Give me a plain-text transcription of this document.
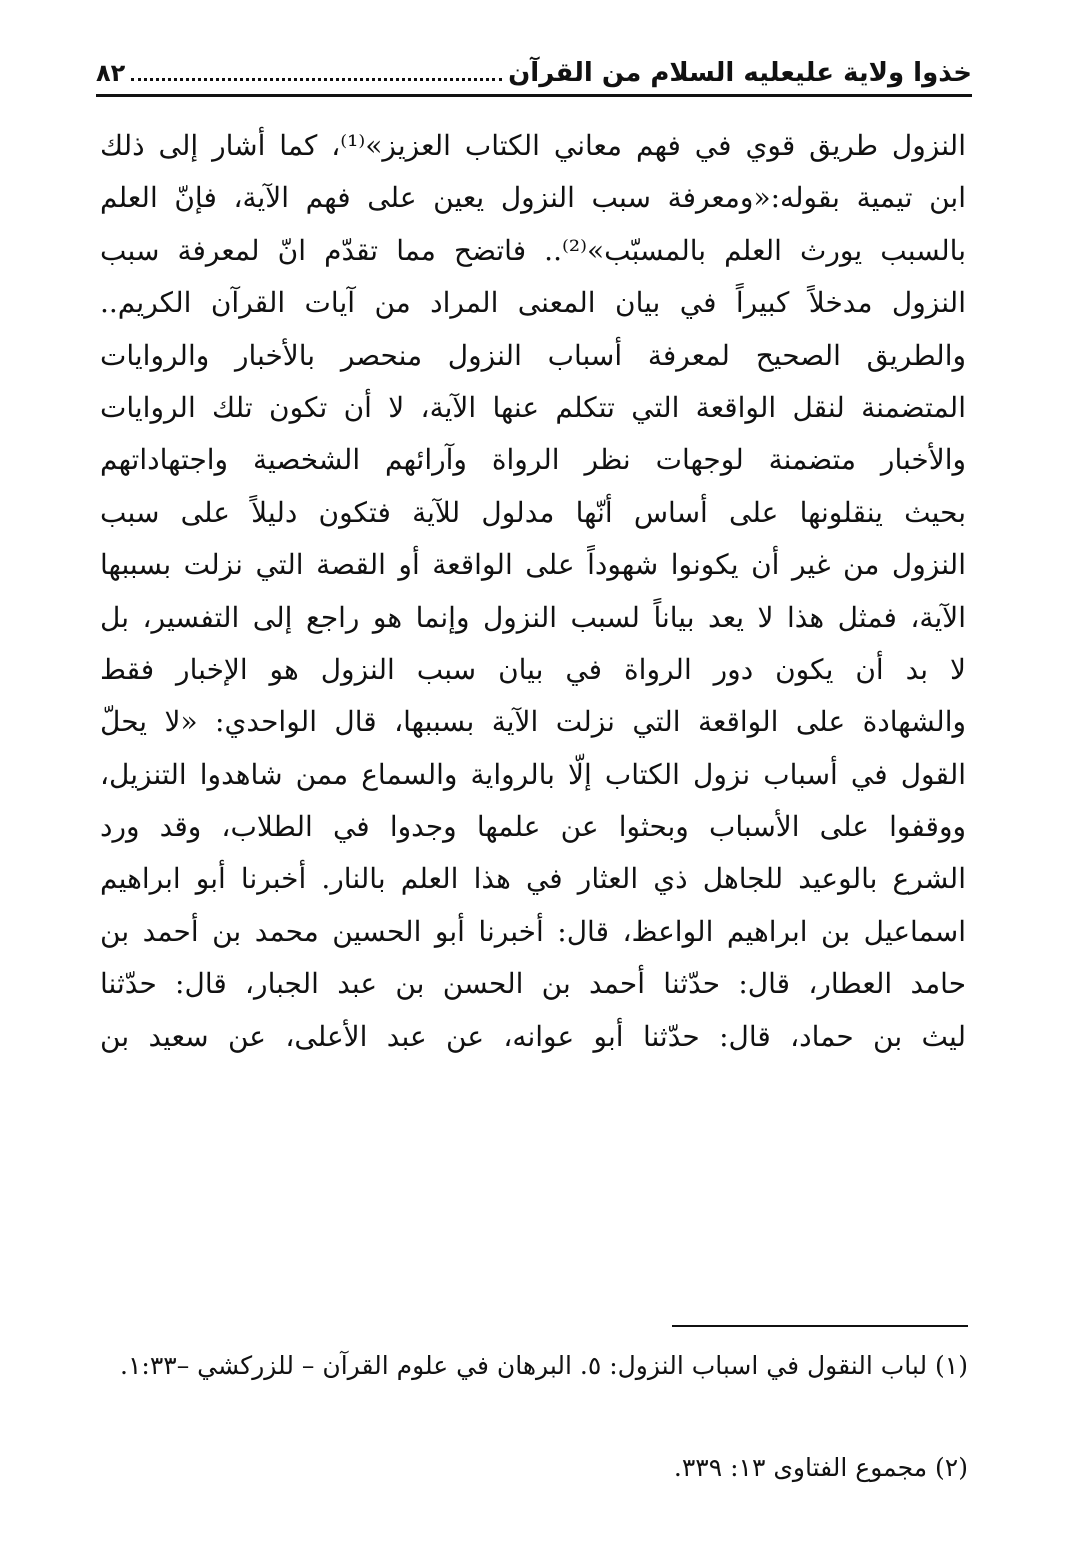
خذوا ولاية عليعليه السلام من القرآن
٨٢
النزول طريق قوي في فهم معاني الكتاب العزيز»⁽¹⁾، كما أشار إلى ذلك
ابن تيمية بقوله:«ومعرفة سبب النزول يعين على فهم الآية، فإنّ العلم
بالسبب يورث العلم بالمسبّب»⁽²⁾.. فاتضح مما تقدّم انّ لمعرفة سبب
النزول مدخلاً كبيراً في بيان المعنى المراد من آيات القرآن الكريم..
والطريق الصحيح لمعرفة أسباب النزول منحصر بالأخبار والروايات
المتضمنة لنقل الواقعة التي تتكلم عنها الآية، لا أن تكون تلك الروايات
والأخبار متضمنة لوجهات نظر الرواة وآرائهم الشخصية واجتهاداتهم
بحيث ينقلونها على أساس أنّها مدلول للآية فتكون دليلاً على سبب
النزول من غير أن يكونوا شهوداً على الواقعة أو القصة التي نزلت بسببها
الآية، فمثل هذا لا يعد بياناً لسبب النزول وإنما هو راجع إلى التفسير، بل
لا بد أن يكون دور الرواة في بيان سبب النزول هو الإخبار فقط
والشهادة على الواقعة التي نزلت الآية بسببها، قال الواحدي: «لا يحلّ
القول في أسباب نزول الكتاب إلّا بالرواية والسماع ممن شاهدوا التنزيل،
ووقفوا على الأسباب وبحثوا عن علمها وجدوا في الطلاب، وقد ورد
الشرع بالوعيد للجاهل ذي العثار في هذا العلم بالنار. أخبرنا أبو ابراهيم
اسماعيل بن ابراهيم الواعظ، قال: أخبرنا أبو الحسين محمد بن أحمد بن
حامد العطار، قال: حدّثنا أحمد بن الحسن بن عبد الجبار، قال: حدّثنا
ليث بن حماد، قال: حدّثنا أبو عوانه، عن عبد الأعلى، عن سعيد بن
(١) لباب النقول في اسباب النزول: ٥. البرهان في علوم القرآن – للزركشي –١:٣٣.
(٢) مجموع الفتاوى ١٣: ٣٣٩.
